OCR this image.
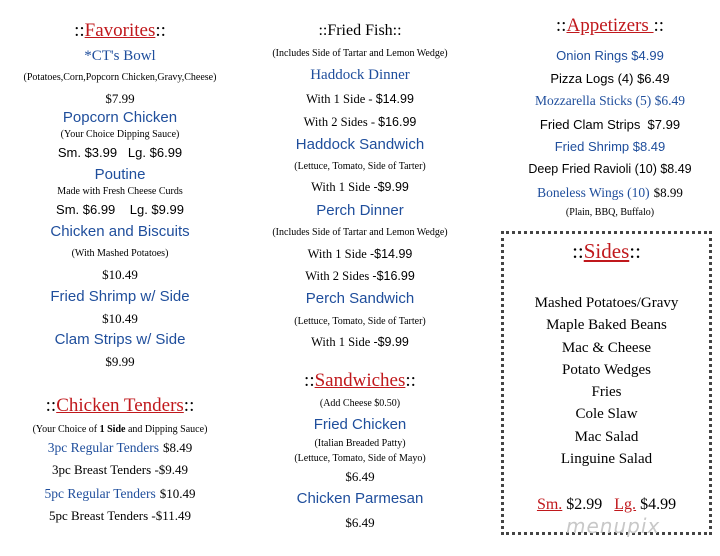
::Favorites::
*CT's Bowl
(Potatoes,Corn,Popcorn Chicken,Gravy,Cheese)
$7.99
Popcorn Chicken
(Your Choice Dipping Sauce)
Sm. $3.99   Lg. $6.99
Poutine
Made with Fresh Cheese Curds
Sm. $6.99    Lg. $9.99
Chicken and Biscuits
(With Mashed Potatoes)
$10.49
Fried Shrimp w/ Side
$10.49
Clam Strips w/ Side
$9.99
::Chicken Tenders::
(Your Choice of 1 Side and Dipping Sauce)
3pc Regular Tenders $8.49
3pc Breast Tenders -$9.49
5pc Regular Tenders $10.49
5pc Breast Tenders -$11.49
::Fried Fish::
(Includes Side of Tartar and Lemon Wedge)
Haddock Dinner
With 1 Side - $14.99
With 2 Sides - $16.99
Haddock Sandwich
(Lettuce, Tomato, Side of Tarter)
With 1 Side -$9.99
Perch Dinner
(Includes Side of Tartar and Lemon Wedge)
With 1 Side -$14.99
With 2 Sides -$16.99
Perch Sandwich
(Lettuce, Tomato, Side of Tarter)
With 1 Side -$9.99
::Sandwiches::
(Add Cheese $0.50)
Fried Chicken
(Italian Breaded Patty)
(Lettuce, Tomato, Side of Mayo)
$6.49
Chicken Parmesan
$6.49
::Appetizers ::
Onion Rings $4.99
Pizza Logs (4) $6.49
Mozzarella Sticks (5) $6.49
Fried Clam Strips  $7.99
Fried Shrimp $8.49
Deep Fried Ravioli (10) $8.49
Boneless Wings (10) $8.99
(Plain, BBQ, Buffalo)
::Sides::
Mashed Potatoes/Gravy
Maple Baked Beans
Mac & Cheese
Potato Wedges
Fries
Cole Slaw
Mac Salad
Linguine Salad
Sm. $2.99 Lg. $4.99
menupix
